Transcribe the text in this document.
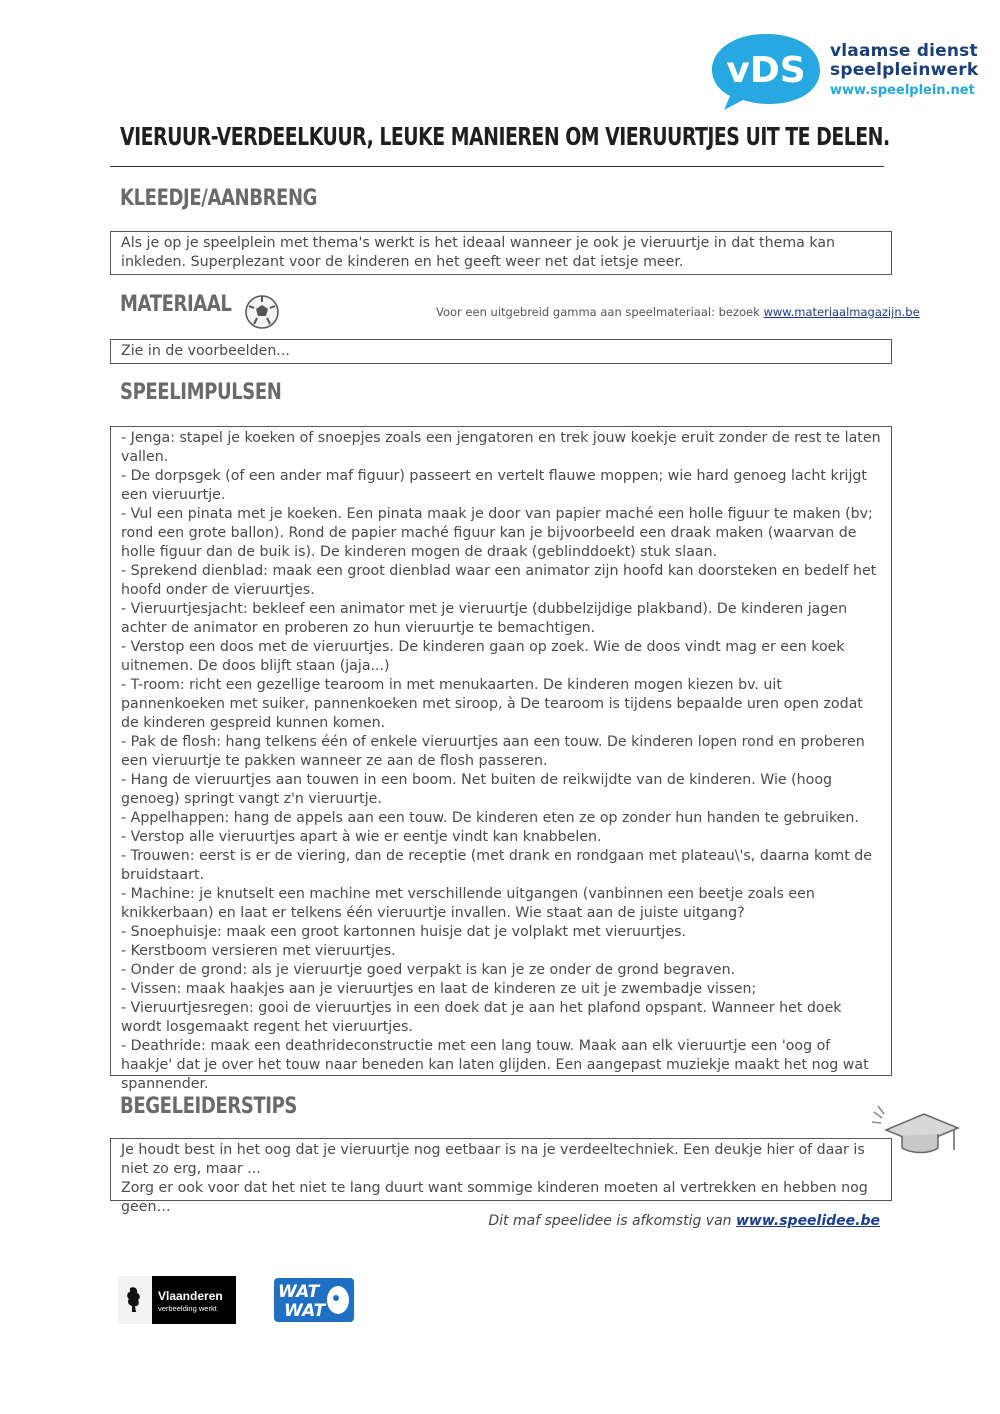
vDS vlaamse dienst
speelpleinwerk
www.speelplein.net
VIERUUR-VERDEELKUUR, LEUKE MANIEREN OM VIERUURTJES UIT TE DELEN.
KLEEDJE/AANBRENG

Als je op je speelplein met thema's werkt is het ideaal wanneer je ook je vieruurtje in dat thema kan inkleden. Superplezant voor de kinderen en het geeft weer net dat ietsje meer.

MATERIAAL	Voor een uitgebreid gamma aan speelmateriaal: bezoek www.materiaalmagazijn.be

Zie in de voorbeelden...

SPEELIMPULSEN

- Jenga: stapel je koeken of snoepjes zoals een jengatoren en trek jouw koekje eruit zonder de rest te laten vallen.

- De dorpsgek (of een ander maf figuur) passeert en vertelt flauwe moppen; wie hard genoeg lacht krijgt een vieruurtje.

- Vul een pinata met je koeken. Een pinata maak je door van papier maché een holle figuur te maken (bv; rond een grote ballon). Rond de papier maché figuur kan je bijvoorbeeld een draak maken (waarvan de holle figuur dan de buik is). De kinderen mogen de draak (geblinddoekt) stuk slaan.

- Sprekend dienblad: maak een groot dienblad waar een animator zijn hoofd kan doorsteken en bedelf het hoofd onder de vieruurtjes.

- Vieruurtjesjacht: bekleef een animator met je vieruurtje (dubbelzijdige plakband). De kinderen jagen achter de animator en proberen zo hun vieruurtje te bemachtigen.

- Verstop een doos met de vieruurtjes. De kinderen gaan op zoek. Wie de doos vindt mag er een koek uitnemen. De doos blijft staan (jaja...)

- T-room: richt een gezellige tearoom in met menukaarten. De kinderen mogen kiezen bv. uit pannenkoeken met suiker, pannenkoeken met siroop, à De tearoom is tijdens bepaalde uren open zodat de kinderen gespreid kunnen komen.

- Pak de flosh: hang telkens één of enkele vieruurtjes aan een touw. De kinderen lopen rond en proberen een vieruurtje te pakken wanneer ze aan de flosh passeren.

- Hang de vieruurtjes aan touwen in een boom. Net buiten de reikwijdte van de kinderen. Wie (hoog genoeg) springt vangt z'n vieruurtje.

- Appelhappen: hang de appels aan een touw. De kinderen eten ze op zonder hun handen te gebruiken.

- Verstop alle vieruurtjes apart à wie er eentje vindt kan knabbelen.

- Trouwen: eerst is er de viering, dan de receptie (met drank en rondgaan met plateau\'s, daarna komt de bruidstaart.

- Machine: je knutselt een machine met verschillende uitgangen (vanbinnen een beetje zoals een knikkerbaan) en laat er telkens één vieruurtje invallen. Wie staat aan de juiste uitgang?

- Snoephuisje: maak een groot kartonnen huisje dat je volplakt met vieruurtjes.

- Kerstboom versieren met vieruurtjes.

- Onder de grond: als je vieruurtje goed verpakt is kan je ze onder de grond begraven.

- Vissen: maak haakjes aan je vieruurtjes en laat de kinderen ze uit je zwembadje vissen;

- Vieruurtjesregen: gooi de vieruurtjes in een doek dat je aan het plafond opspant. Wanneer het doek wordt losgemaakt regent het vieruurtjes.

- Deathride: maak een deathrideconstructie met een lang touw. Maak aan elk vieruurtje een 'oog of haakje' dat je over het touw naar beneden kan laten glijden. Een aangepast muziekje maakt het nog wat spannender.

BEGELEIDERSTIPS

Je houdt best in het oog dat je vieruurtje nog eetbaar is na je verdeeltechniek. Een deukje hier of daar is niet zo erg, maar ...

Zorg er ook voor dat het niet te lang duurt want sommige kinderen moeten al vertrekken en hebben nog geen…

Dit maf speelidee is afkomstig van www.speelidee.be
Vlaanderen
verbeelding werkt
WAT
WAT
